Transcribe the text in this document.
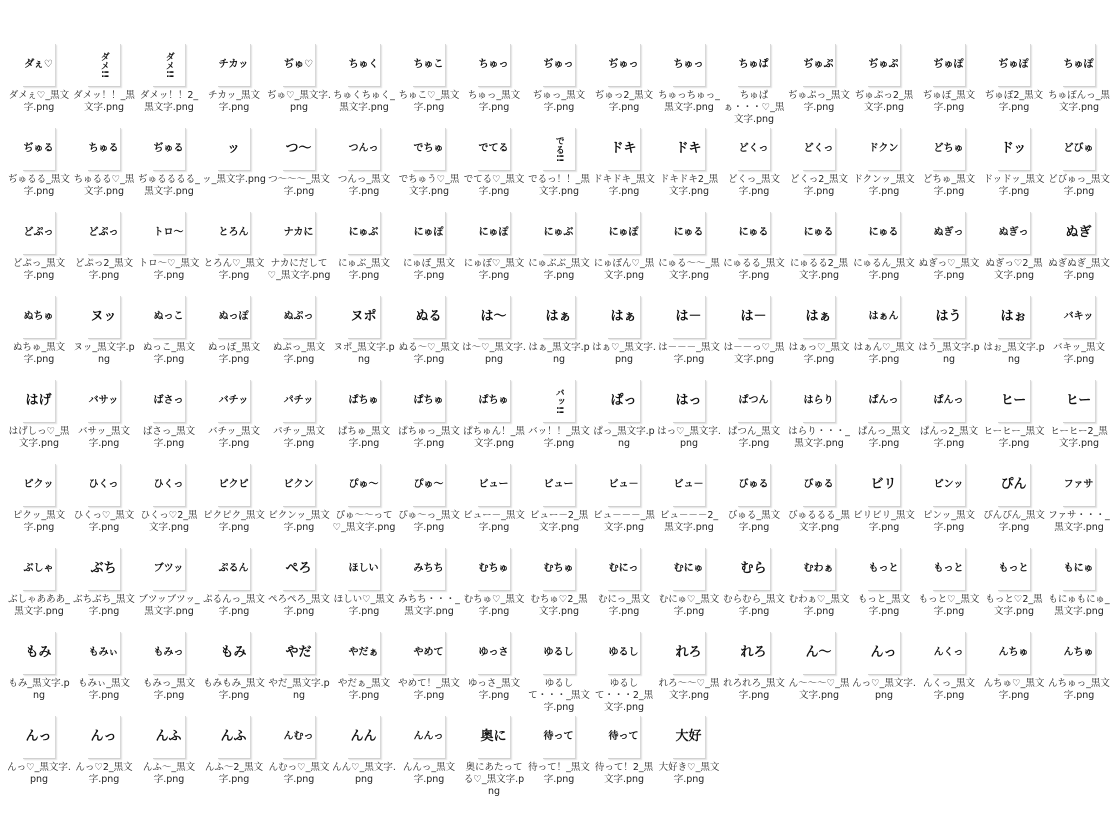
ダぇ♡
ダメぇ♡_黒文字.png
ダメ!!
ダメッ！！_黒文字.png
ダメ!!
ダメッ！！2_黒文字.png
チカッ
チカッ_黒文字.png
ぢゅ♡
ぢゅ♡_黒文字.png
ちゅく
ちゅくちゅく_黒文字.png
ちゅこ
ちゅこ♡_黒文字.png
ちゅっ
ちゅっ_黒文字.png
ぢゅっ
ぢゅっ_黒文字.png
ぢゅっ
ぢゅっ2_黒文字.png
ちゅっ
ちゅっちゅっ_黒文字.png
ちゅぱ
ちゅぱぁ・・・♡_黒文字.png
ぢゅぷ
ぢゅぷっ_黒文字.png
ぢゅぷ
ぢゅぷっ2_黒文字.png
ぢゅぽ
ぢゅぽ_黒文字.png
ぢゅぽ
ぢゅぽ2_黒文字.png
ちゅぽ
ちゅぽんっ_黒文字.png
ぢゅる
ぢゅるる_黒文字.png
ちゅる
ちゅるる♡_黒文字.png
ぢゅる
ぢゅるるるる_黒文字.png
ッ
ッ_黒文字.png
つ～
つ～～～_黒文字.png
つんっ
つんっ_黒文字.png
でちゅ
でちゅう♡_黒文字.png
でてる
でてる♡_黒文字.png
でる!!
でるっ！！_黒文字.png
ドキ
ドキドキ_黒文字.png
ドキ
ドキドキ2_黒文字.png
どくっ
どくっ_黒文字.png
どくっ
どくっ2_黒文字.png
ドクン
ドクンッ_黒文字.png
どちゅ
どちゅ_黒文字.png
ドッ
ドッドッ_黒文字.png
どびゅ
どびゅっ_黒文字.png
どぷっ
どぷっ_黒文字.png
どぷっ
どぷっ2_黒文字.png
トロ～
トロ～♡_黒文字.png
とろん
とろん♡_黒文字.png
ナカに
ナカにだして♡_黒文字.png
にゅぶ
にゅぶ_黒文字.png
にゅぽ
にゅぽ_黒文字.png
にゅぽ
にゅぽ♡_黒文字.png
にゅぶ
にゅぶぶ_黒文字.png
にゅぽ
にゅぽん♡_黒文字.png
にゅる
にゅる～～_黒文字.png
にゅる
にゅるる_黒文字.png
にゅる
にゅるる2_黒文字.png
にゅる
にゅるん_黒文字.png
ぬぎっ
ぬぎっ♡_黒文字.png
ぬぎっ
ぬぎっ♡2_黒文字.png
ぬぎ
ぬぎぬぎ_黒文字.png
ぬちゅ
ぬちゅ_黒文字.png
ヌッ
ヌッ_黒文字.png
ぬっこ
ぬっこ_黒文字.png
ぬっぽ
ぬっぽ_黒文字.png
ぬぷっ
ぬぷっ_黒文字.png
ヌポ
ヌポ_黒文字.png
ぬる
ぬる～♡_黒文字.png
は～
は～♡_黒文字.png
はぁ
はぁ_黒文字.png
はぁ
はぁ♡_黒文字.png
は－
は－－－_黒文字.png
は－
は－－っ♡_黒文字.png
はぁ
はぁっ♡_黒文字.png
はぁん
はぁん♡_黒文字.png
はう
はう_黒文字.png
はぉ
はぉ_黒文字.png
バキッ
バキッ_黒文字.png
はげ
はげしっ♡_黒文字.png
バサッ
バサッ_黒文字.png
ばさっ
ばさっ_黒文字.png
バチッ
バチッ_黒文字.png
パチッ
パチッ_黒文字.png
ぱちゅ
ぱちゅ_黒文字.png
ぱちゅ
ぱちゅっ_黒文字.png
ぱちゅ
ぱちゅん！_黒文字.png
バッ!!
バッ！！_黒文字.png
ぱっ
ぱっ_黒文字.png
はっ
はっ♡_黒文字.png
ぱつん
ぱつん_黒文字.png
はらり
はらり・・・_黒文字.png
ぱんっ
ぱんっ_黒文字.png
ぱんっ
ぱんっ2_黒文字.png
ヒー
ヒーヒー_黒文字.png
ヒー
ヒーヒー2_黒文字.png
ピクッ
ピクッ_黒文字.png
ひくっ
ひくっ♡_黒文字.png
ひくっ
ひくっ♡2_黒文字.png
ピクピ
ピクピク_黒文字.png
ビクン
ビクンッ_黒文字.png
ぴゅ～
ぴゅ～～って♡_黒文字.png
ぴゅ～
ぴゅ～っ_黒文字.png
ビュー
ビュー－_黒文字.png
ビュー
ビュー－2_黒文字.png
ビュ－
ビュ－－－_黒文字.png
ビュ－
ビュ－－－2_黒文字.png
びゅる
びゅる_黒文字.png
びゅる
びゅるるる_黒文字.png
ビリ
ビリビリ_黒文字.png
ピンッ
ピンッ_黒文字.png
ぴん
ぴんぴん_黒文字.png
ファサ
ファサ・・・_黒文字.png
ぶしゃ
ぶしゃあああ_黒文字.png
ぶち
ぶちぶち_黒文字.png
ブツッ
ブツッブツッ_黒文字.png
ぷるん
ぷるんっ_黒文字.png
ぺろ
ぺろぺろ_黒文字.png
ほしい
ほしい♡_黒文字.png
みちち
みちち・・・_黒文字.png
むちゅ
むちゅ♡_黒文字.png
むちゅ
むちゅ♡2_黒文字.png
むにっ
むにっ_黒文字.png
むにゅ
むにゅ♡_黒文字.png
むら
むらむら_黒文字.png
むわぁ
むわぁ♡_黒文字.png
もっと
もっと_黒文字.png
もっと
もっと♡_黒文字.png
もっと
もっと♡2_黒文字.png
もにゅ
もにゅもにゅ_黒文字.png
もみ
もみ_黒文字.png
もみぃ
もみぃ_黒文字.png
もみっ
もみっ_黒文字.png
もみ
もみもみ_黒文字.png
やだ
やだ_黒文字.png
やだぁ
やだぁ_黒文字.png
やめて
やめて！_黒文字.png
ゆっさ
ゆっさ_黒文字.png
ゆるし
ゆるして・・・_黒文字.png
ゆるし
ゆるして・・・2_黒文字.png
れろ
れろ～～♡_黒文字.png
れろ
れろれろ_黒文字.png
ん～
ん～～～♡_黒文字.png
んっ
んっ♡_黒文字.png
んくっ
んくっ_黒文字.png
んちゅ
んちゅ♡_黒文字.png
んちゅ
んちゅっ_黒文字.png
んっ
んっ♡_黒文字.png
んっ
んっ♡2_黒文字.png
んふ
んふ～_黒文字.png
んふ
んふ～2_黒文字.png
んむっ
んむっ♡_黒文字.png
んん
んん♡_黒文字.png
んんっ
んんっ_黒文字.png
奥に
奥にあたってる♡_黒文字.png
待って
待って！_黒文字.png
待って
待って！2_黒文字.png
大好
大好き♡_黒文字.png
